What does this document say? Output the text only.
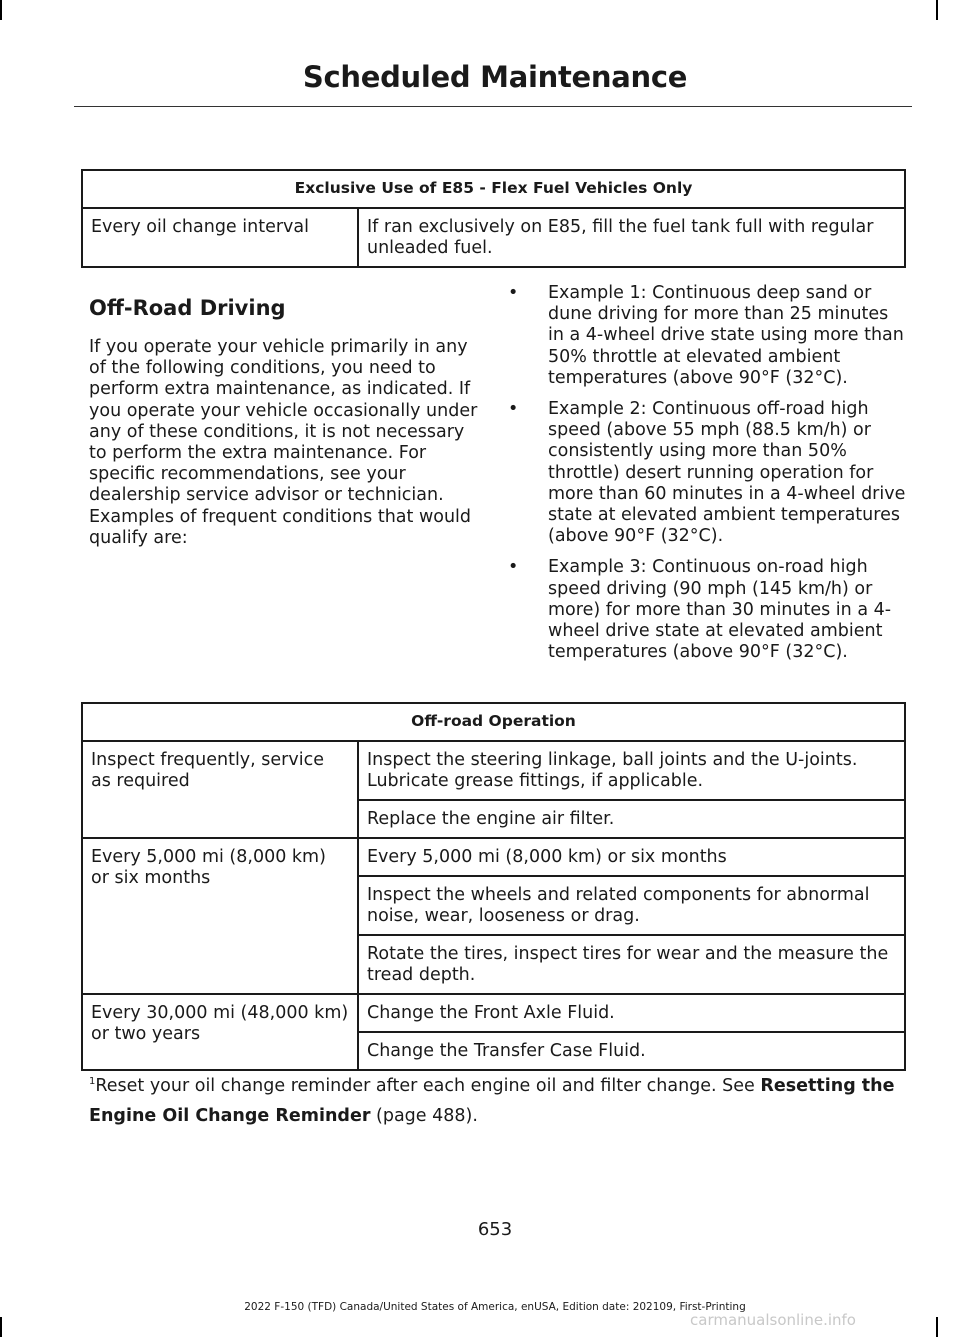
Scheduled Maintenance
Exclusive Use of E85 - Flex Fuel Vehicles Only
Every oil change interval	If ran exclusively on E85, fill the fuel tank full with regular unleaded fuel.
Off-Road Driving
If you operate your vehicle primarily in any of the following conditions, you need to perform extra maintenance, as indicated. If you operate your vehicle occasionally under any of these conditions, it is not necessary to perform the extra maintenance. For specific recommendations, see your dealership service advisor or technician. Examples of frequent conditions that would qualify are:
• Example 1: Continuous deep sand or dune driving for more than 25 minutes in a 4-wheel drive state using more than 50% throttle at elevated ambient temperatures (above 90°F (32°C).
• Example 2: Continuous off-road high speed (above 55 mph (88.5 km/h) or consistently using more than 50% throttle) desert running operation for more than 60 minutes in a 4-wheel drive state at elevated ambient temperatures (above 90°F (32°C).
• Example 3: Continuous on-road high speed driving (90 mph (145 km/h) or more) for more than 30 minutes in a 4-wheel drive state at elevated ambient temperatures (above 90°F (32°C).
Off-road Operation	
Inspect frequently, service as required	Inspect the steering linkage, ball joints and the U-joints. Lubricate grease fittings, if applicable.
	Replace the engine air filter.
Every 5,000 mi (8,000 km) or six months	Every 5,000 mi (8,000 km) or six months
	Inspect the wheels and related components for abnormal noise, wear, looseness or drag.
	Rotate the tires, inspect tires for wear and the measure the tread depth.
Every 30,000 mi (48,000 km) or two years	Change the Front Axle Fluid.
	Change the Transfer Case Fluid.
$^1$Reset your oil change reminder after each engine oil and filter change. See Resetting the Engine Oil Change Reminder (page 488).
653
2022 F-150 (TFD) Canada/United States of America, enUSA, Edition date: 202109, First-Printing
carmanualsonline.info
